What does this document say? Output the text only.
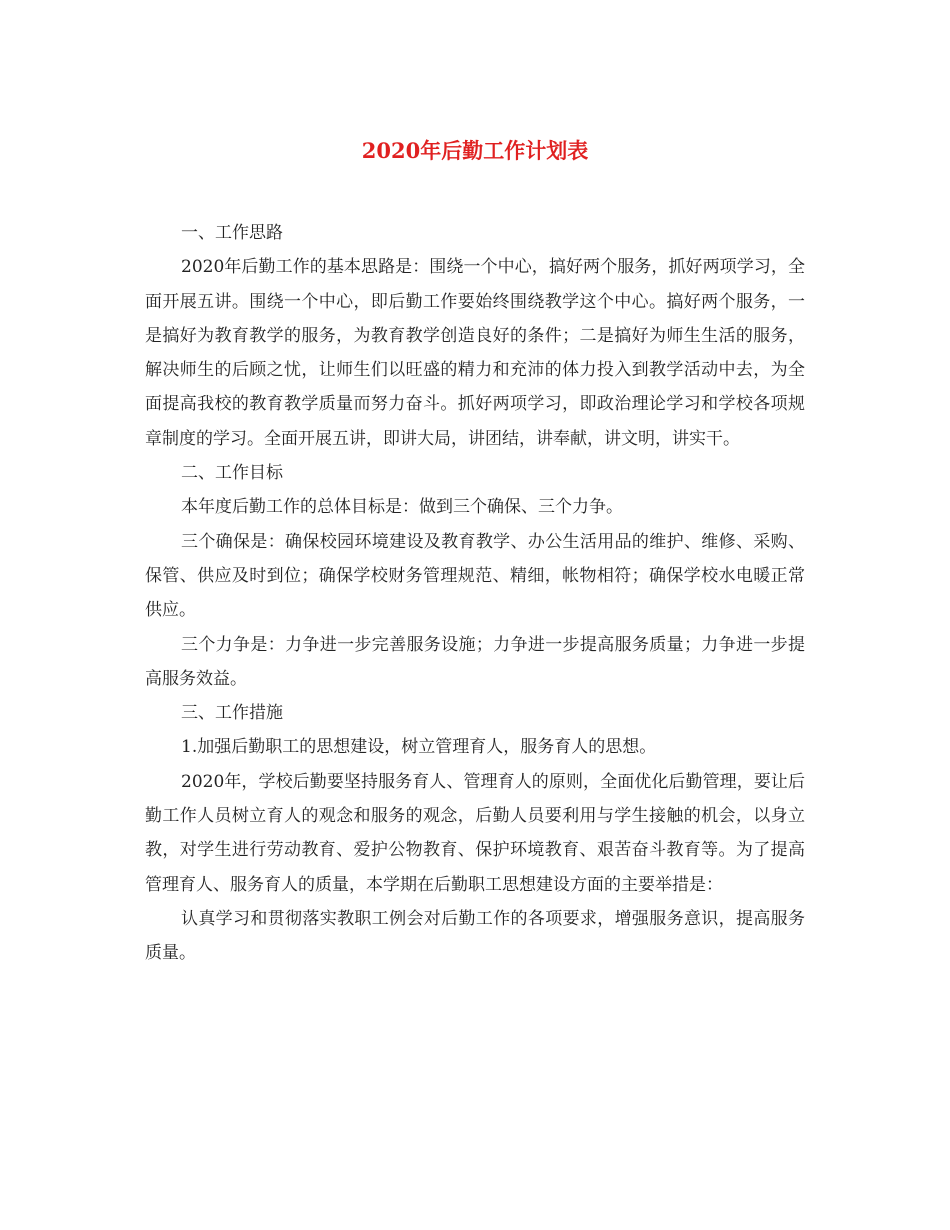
2020年后勤工作计划表

一、工作思路

2020年后勤工作的基本思路是：围绕一个中心，搞好两个服务，抓好两项学习，全面开展五讲。围绕一个中心，即后勤工作要始终围绕教学这个中心。搞好两个服务，一是搞好为教育教学的服务，为教育教学创造良好的条件；二是搞好为师生生活的服务，解决师生的后顾之忧，让师生们以旺盛的精力和充沛的体力投入到教学活动中去，为全面提高我校的教育教学质量而努力奋斗。抓好两项学习，即政治理论学习和学校各项规章制度的学习。全面开展五讲，即讲大局，讲团结，讲奉献，讲文明，讲实干。

二、工作目标

本年度后勤工作的总体目标是：做到三个确保、三个力争。

三个确保是：确保校园环境建设及教育教学、办公生活用品的维护、维修、采购、保管、供应及时到位；确保学校财务管理规范、精细，帐物相符；确保学校水电暖正常供应。

三个力争是：力争进一步完善服务设施；力争进一步提高服务质量；力争进一步提高服务效益。

三、工作措施

1.加强后勤职工的思想建设，树立管理育人，服务育人的思想。

2020年，学校后勤要坚持服务育人、管理育人的原则，全面优化后勤管理，要让后勤工作人员树立育人的观念和服务的观念，后勤人员要利用与学生接触的机会，以身立教，对学生进行劳动教育、爱护公物教育、保护环境教育、艰苦奋斗教育等。为了提高管理育人、服务育人的质量，本学期在后勤职工思想建设方面的主要举措是：

认真学习和贯彻落实教职工例会对后勤工作的各项要求，增强服务意识，提高服务质量。
